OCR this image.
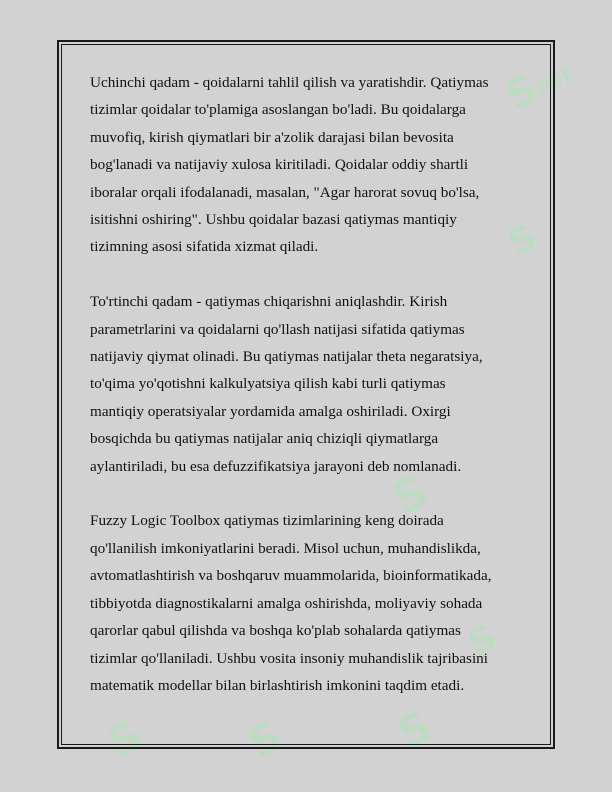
SPDF
S
S
S
S S S

Uchinchi qadam - qoidalarni tahlil qilish va yaratishdir. Qatiymas
tizimlar qoidalar to'plamiga asoslangan bo'ladi. Bu qoidalarga
muvofiq, kirish qiymatlari bir a'zolik darajasi bilan bevosita
bog'lanadi va natijaviy xulosa kiritiladi. Qoidalar oddiy shartli
iboralar orqali ifodalanadi, masalan, "Agar harorat sovuq bo'lsa,
isitishni oshiring". Ushbu qoidalar bazasi qatiymas mantiqiy
tizimning asosi sifatida xizmat qiladi.

To'rtinchi qadam - qatiymas chiqarishni aniqlashdir. Kirish
parametrlarini va qoidalarni qo'llash natijasi sifatida qatiymas
natijaviy qiymat olinadi. Bu qatiymas natijalar theta negaratsiya,
to'qima yo'qotishni kalkulyatsiya qilish kabi turli qatiymas
mantiqiy operatsiyalar yordamida amalga oshiriladi. Oxirgi
bosqichda bu qatiymas natijalar aniq chiziqli qiymatlarga
aylantiriladi, bu esa defuzzifikatsiya jarayoni deb nomlanadi.

Fuzzy Logic Toolbox qatiymas tizimlarining keng doirada
qo'llanilish imkoniyatlarini beradi. Misol uchun, muhandislikda,
avtomatlashtirish va boshqaruv muammolarida, bioinformatikada,
tibbiyotda diagnostikalarni amalga oshirishda, moliyaviy sohada
qarorlar qabul qilishda va boshqa ko'plab sohalarda qatiymas
tizimlar qo'llaniladi. Ushbu vosita insoniy muhandislik tajribasini
matematik modellar bilan birlashtirish imkonini taqdim etadi.
